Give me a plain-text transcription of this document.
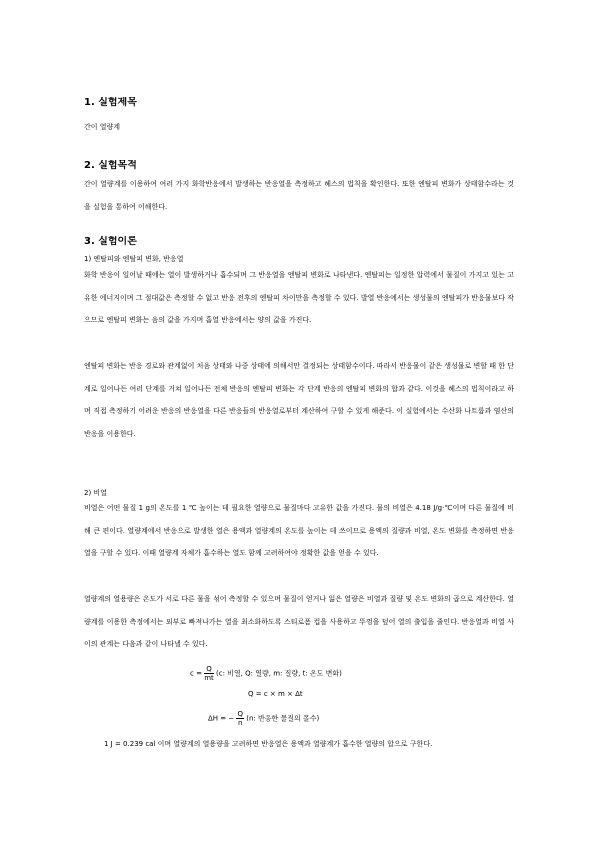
1. 실험제목
간이 열량계
2. 실험목적
간이 열량계를 이용하여 여러 가지 화학반응에서 발생하는 반응열을 측정하고 헤스의 법칙을 확인한다. 또한 엔탈피 변화가 상태함수라는 것을 실험을 통하여 이해한다.
3. 실험이론
1) 엔탈피와 엔탈피 변화, 반응열
화학 반응이 일어날 때에는 열이 발생하거나 흡수되며 그 반응열을 엔탈피 변화로 나타낸다. 엔탈피는 일정한 압력에서 물질이 가지고 있는 고유한 에너지이며 그 절대값은 측정할 수 없고 반응 전후의 엔탈피 차이만을 측정할 수 있다. 발열 반응에서는 생성물의 엔탈피가 반응물보다 작으므로 엔탈피 변화는 음의 값을 가지며 흡열 반응에서는 양의 값을 가진다.
엔탈피 변화는 반응 경로와 관계없이 처음 상태와 나중 상태에 의해서만 결정되는 상태함수이다. 따라서 반응물이 같은 생성물로 변할 때 한 단계로 일어나든 여러 단계를 거쳐 일어나든 전체 반응의 엔탈피 변화는 각 단계 반응의 엔탈피 변화의 합과 같다. 이것을 헤스의 법칙이라고 하며 직접 측정하기 어려운 반응의 반응열을 다른 반응들의 반응열로부터 계산하여 구할 수 있게 해준다. 이 실험에서는 수산화 나트륨과 염산의 반응을 이용한다.
2) 비열
비열은 어떤 물질 1 g의 온도를 1 ℃ 높이는 데 필요한 열량으로 물질마다 고유한 값을 가진다. 물의 비열은 4.18 J/g·℃이며 다른 물질에 비해 큰 편이다. 열량계에서 반응으로 발생한 열은 용액과 열량계의 온도를 높이는 데 쓰이므로 용액의 질량과 비열, 온도 변화를 측정하면 반응열을 구할 수 있다. 이때 열량계 자체가 흡수하는 열도 함께 고려하여야 정확한 값을 얻을 수 있다.
열량계의 열용량은 온도가 서로 다른 물을 섞어 측정할 수 있으며 물질이 얻거나 잃은 열량은 비열과 질량 및 온도 변화의 곱으로 계산한다. 열량계를 이용한 측정에서는 외부로 빠져나가는 열을 최소화하도록 스티로폼 컵을 사용하고 뚜껑을 덮어 열의 출입을 줄인다. 반응열과 비열 사이의 관계는 다음과 같이 나타낼 수 있다.
$c = \frac{Q}{mt} (c$: 비열, Q: 열량, m: 질량, t: 온도 변화)
Q = c × m × Δt
ΔH = − $\frac{Q}{n} (n$: 반응한 물질의 몰수)
1 J = 0.239 cal 이며 열량계의 열용량을 고려하면 반응열은 용액과 열량계가 흡수한 열량의 합으로 구한다.
